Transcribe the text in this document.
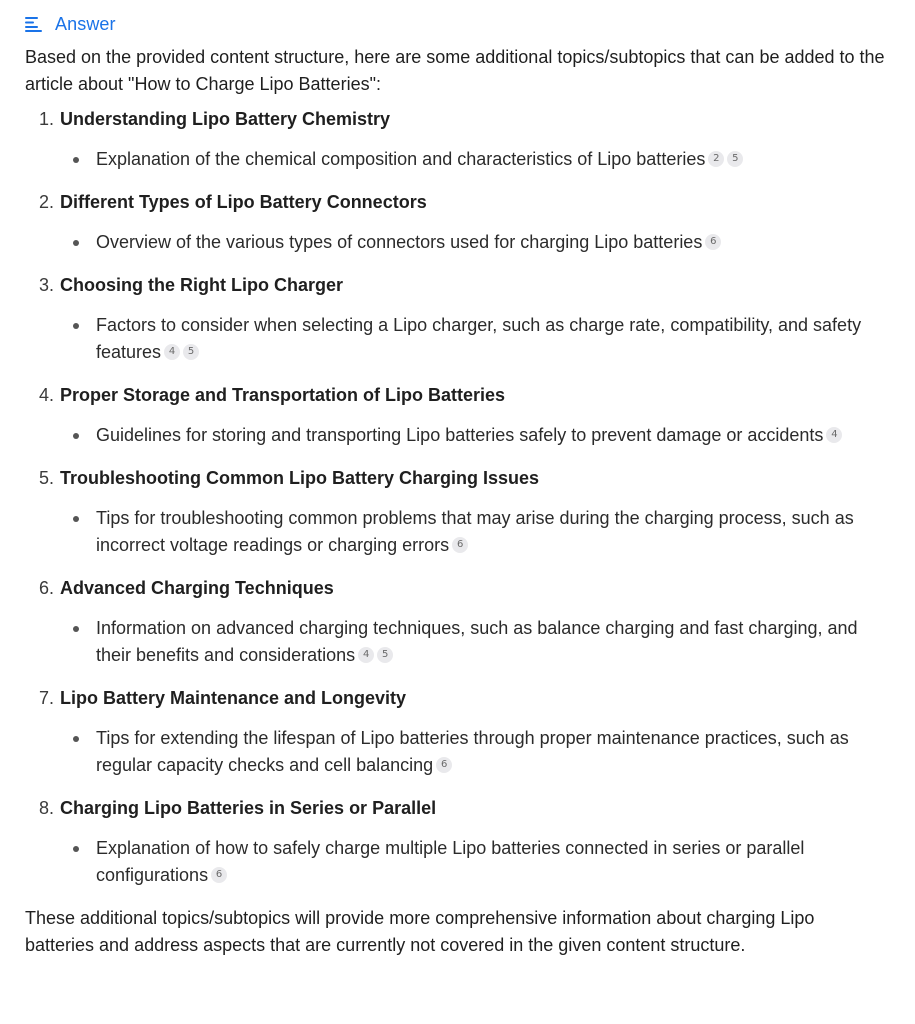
Answer

Based on the provided content structure, here are some additional topics/subtopics that can be added to the article about "How to Charge Lipo Batteries":

1. Understanding Lipo Battery Chemistry
Explanation of the chemical composition and characteristics of Lipo batteries 2 5
2. Different Types of Lipo Battery Connectors
Overview of the various types of connectors used for charging Lipo batteries 6
3. Choosing the Right Lipo Charger
Factors to consider when selecting a Lipo charger, such as charge rate, compatibility, and safety features 4 5
4. Proper Storage and Transportation of Lipo Batteries
Guidelines for storing and transporting Lipo batteries safely to prevent damage or accidents 4
5. Troubleshooting Common Lipo Battery Charging Issues
Tips for troubleshooting common problems that may arise during the charging process, such as incorrect voltage readings or charging errors 6
6. Advanced Charging Techniques
Information on advanced charging techniques, such as balance charging and fast charging, and their benefits and considerations 4 5
7. Lipo Battery Maintenance and Longevity
Tips for extending the lifespan of Lipo batteries through proper maintenance practices, such as regular capacity checks and cell balancing 6
8. Charging Lipo Batteries in Series or Parallel
Explanation of how to safely charge multiple Lipo batteries connected in series or parallel configurations 6

These additional topics/subtopics will provide more comprehensive information about charging Lipo batteries and address aspects that are currently not covered in the given content structure.
